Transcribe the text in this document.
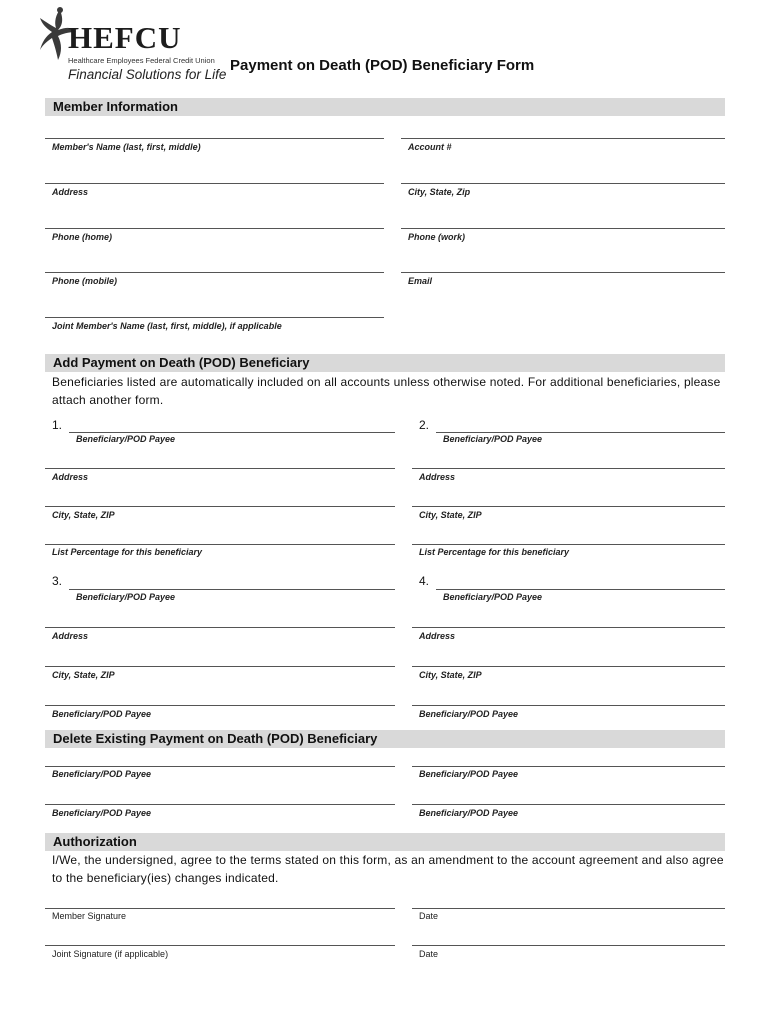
HEFCU
Healthcare Employees Federal Credit Union
Financial Solutions for Life
Payment on Death (POD) Beneficiary Form
Member Information
Member's Name (last, first, middle)	Account #
Address	City, State, Zip
Phone (home)	Phone (work)
Phone (mobile)	Email
Joint Member's Name (last, first, middle), if applicable
Add Payment on Death (POD) Beneficiary
Beneficiaries listed are automatically included on all accounts unless otherwise noted. For additional beneficiaries, please attach another form.
1.
Beneficiary/POD Payee
Address
City, State, ZIP
List Percentage for this beneficiary
2.
Beneficiary/POD Payee
Address
City, State, ZIP
List Percentage for this beneficiary
3.
Beneficiary/POD Payee
Address
City, State, ZIP
Beneficiary/POD Payee
4.
Beneficiary/POD Payee
Address
City, State, ZIP
Beneficiary/POD Payee
Delete Existing Payment on Death (POD) Beneficiary
Beneficiary/POD Payee	Beneficiary/POD Payee
Beneficiary/POD Payee	Beneficiary/POD Payee
Authorization
I/We, the undersigned, agree to the terms stated on this form, as an amendment to the account agreement and also agree to the beneficiary(ies) changes indicated.
Member Signature	Date
Joint Signature (if applicable)	Date
